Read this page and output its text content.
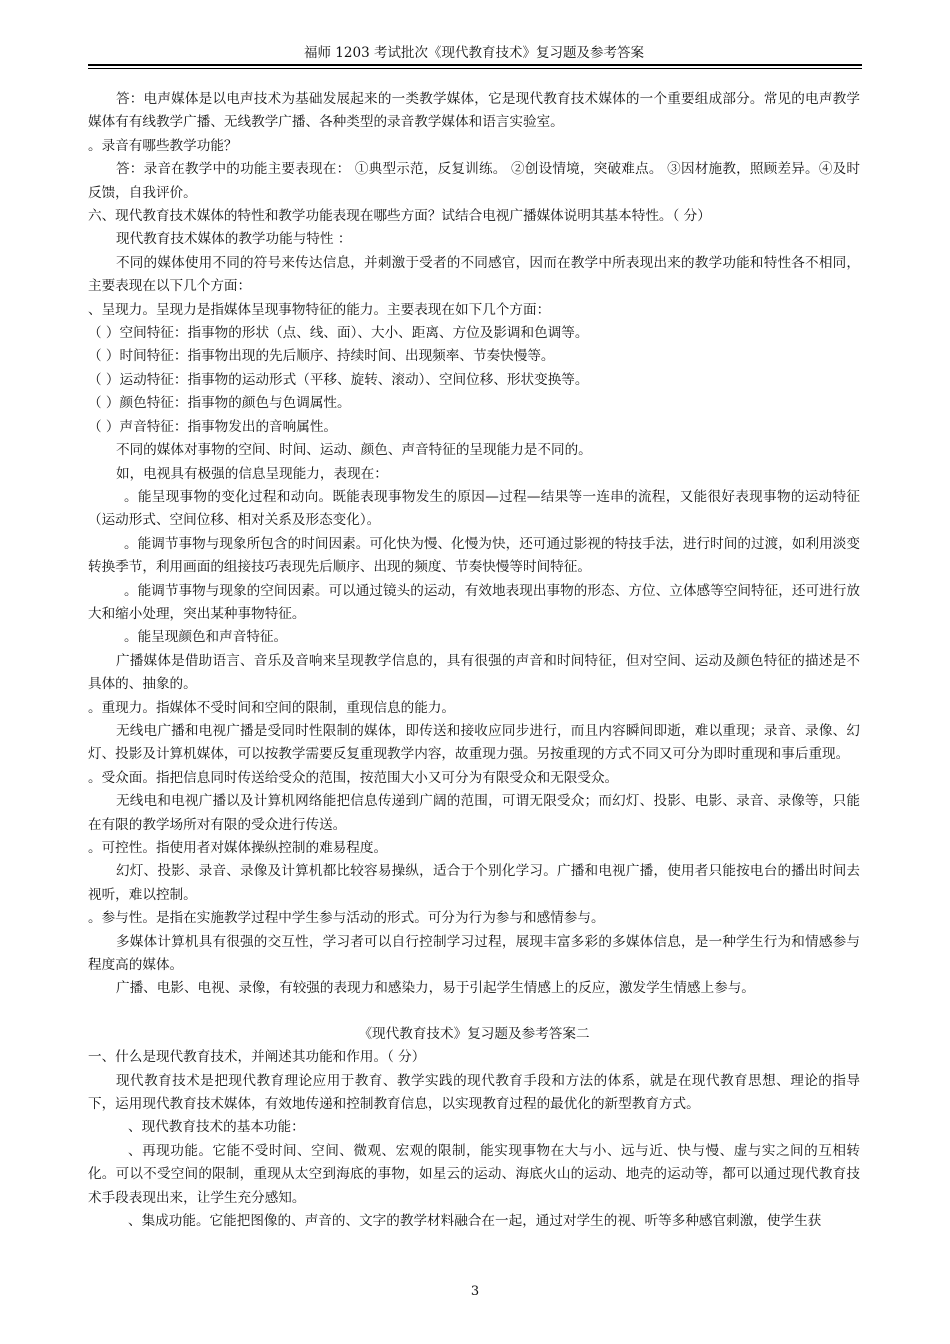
福师 1203 考试批次《现代教育技术》复习题及参考答案

答：电声媒体是以电声技术为基础发展起来的一类教学媒体，它是现代教育技术媒体的一个重要组成部分。常见的电声教学媒体有有线教学广播、无线教学广播、各种类型的录音教学媒体和语言实验室。

。录音有哪些教学功能？

答：录音在教学中的功能主要表现在： ①典型示范，反复训练。 ②创设情境，突破难点。 ③因材施教，照顾差异。④及时反馈，自我评价。

六、现代教育技术媒体的特性和教学功能表现在哪些方面？试结合电视广播媒体说明其基本特性。（ 分）

现代教育技术媒体的教学功能与特性 ：

不同的媒体使用不同的符号来传达信息，并刺激于受者的不同感官，因而在教学中所表现出来的教学功能和特性各不相同，主要表现在以下几个方面：

、呈现力。呈现力是指媒体呈现事物特征的能力。主要表现在如下几个方面：

（ ）空间特征：指事物的形状（点、线、面）、大小、距离、方位及影调和色调等。

（ ）时间特征：指事物出现的先后顺序、持续时间、出现频率、节奏快慢等。

（ ）运动特征：指事物的运动形式（平移、旋转、滚动）、空间位移、形状变换等。

（ ）颜色特征：指事物的颜色与色调属性。

（ ）声音特征：指事物发出的音响属性。

不同的媒体对事物的空间、时间、运动、颜色、声音特征的呈现能力是不同的。

如，电视具有极强的信息呈现能力，表现在：

。能呈现事物的变化过程和动向。既能表现事物发生的原因—过程—结果等一连串的流程，又能很好表现事物的运动特征（运动形式、空间位移、相对关系及形态变化）。

。能调节事物与现象所包含的时间因素。可化快为慢、化慢为快，还可通过影视的特技手法，进行时间的过渡，如利用淡变转换季节，利用画面的组接技巧表现先后顺序、出现的频度、节奏快慢等时间特征。

。能调节事物与现象的空间因素。可以通过镜头的运动，有效地表现出事物的形态、方位、立体感等空间特征，还可进行放大和缩小处理，突出某种事物特征。

。能呈现颜色和声音特征。

广播媒体是借助语言、音乐及音响来呈现教学信息的，具有很强的声音和时间特征，但对空间、运动及颜色特征的描述是不具体的、抽象的。

。重现力。指媒体不受时间和空间的限制，重现信息的能力。

无线电广播和电视广播是受同时性限制的媒体，即传送和接收应同步进行，而且内容瞬间即逝，难以重现；录音、录像、幻灯、投影及计算机媒体，可以按教学需要反复重现教学内容，故重现力强。另按重现的方式不同又可分为即时重现和事后重现。

。受众面。指把信息同时传送给受众的范围，按范围大小又可分为有限受众和无限受众。

无线电和电视广播以及计算机网络能把信息传递到广阔的范围，可谓无限受众；而幻灯、投影、电影、录音、录像等，只能在有限的教学场所对有限的受众进行传送。

。可控性。指使用者对媒体操纵控制的难易程度。

幻灯、投影、录音、录像及计算机都比较容易操纵，适合于个别化学习。广播和电视广播，使用者只能按电台的播出时间去视听，难以控制。

。参与性。是指在实施教学过程中学生参与活动的形式。可分为行为参与和感情参与。

多媒体计算机具有很强的交互性，学习者可以自行控制学习过程，展现丰富多彩的多媒体信息，是一种学生行为和情感参与程度高的媒体。

广播、电影、电视、录像，有较强的表现力和感染力，易于引起学生情感上的反应，激发学生情感上参与。

《现代教育技术》复习题及参考答案二

一、什么是现代教育技术，并阐述其功能和作用。（ 分）

现代教育技术是把现代教育理论应用于教育、教学实践的现代教育手段和方法的体系，就是在现代教育思想、理论的指导下，运用现代教育技术媒体，有效地传递和控制教育信息，以实现教育过程的最优化的新型教育方式。

、现代教育技术的基本功能：

、再现功能。它能不受时间、空间、微观、宏观的限制，能实现事物在大与小、远与近、快与慢、虚与实之间的互相转化。可以不受空间的限制，重现从太空到海底的事物，如星云的运动、海底火山的运动、地壳的运动等，都可以通过现代教育技术手段表现出来，让学生充分感知。

、集成功能。它能把图像的、声音的、文字的教学材料融合在一起，通过对学生的视、听等多种感官刺激，使学生获

3
